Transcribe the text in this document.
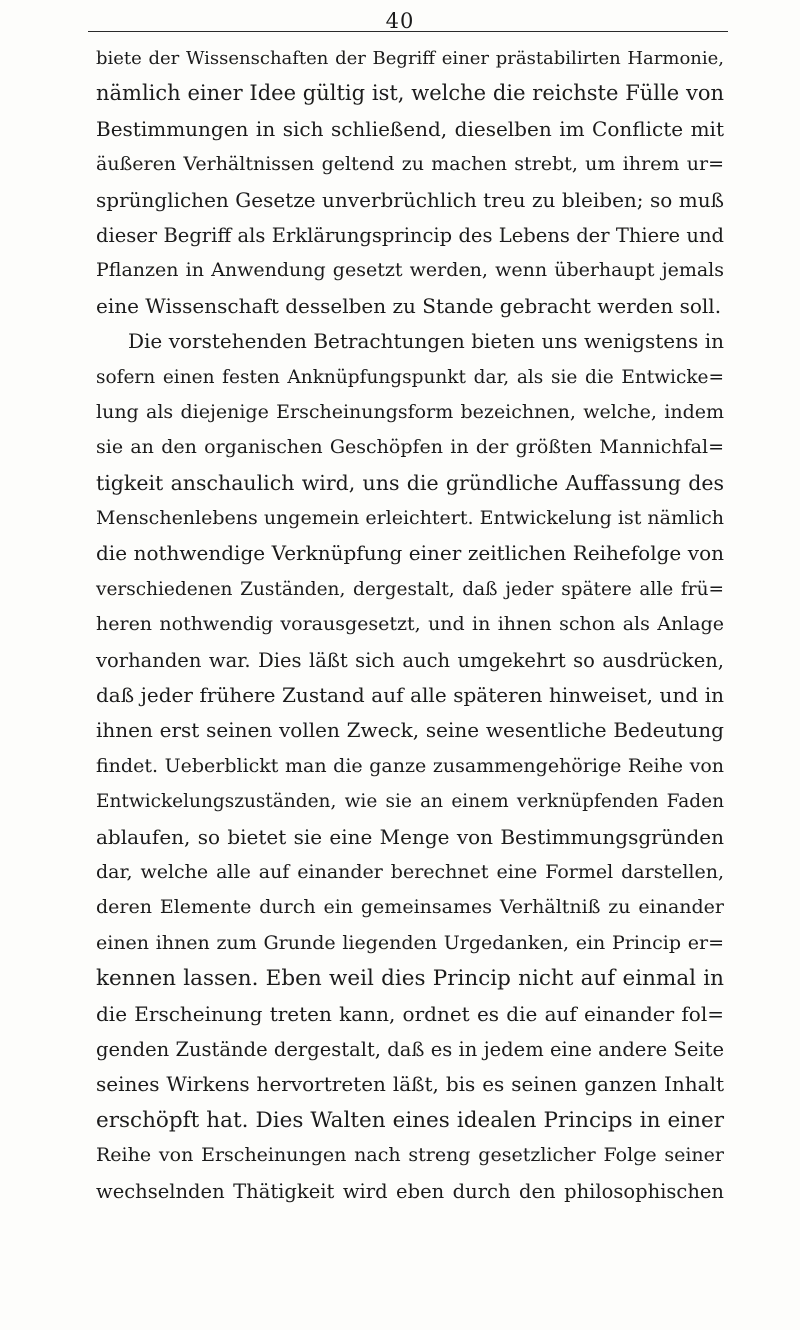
40
biete der Wissenschaften der Begriff einer prästabilirten Harmonie,
nämlich einer Idee gültig ist, welche die reichste Fülle von
Bestimmungen in sich schließend, dieselben im Conflicte mit
äußeren Verhältnissen geltend zu machen strebt, um ihrem ur=
sprünglichen Gesetze unverbrüchlich treu zu bleiben; so muß
dieser Begriff als Erklärungsprincip des Lebens der Thiere und
Pflanzen in Anwendung gesetzt werden, wenn überhaupt jemals
eine Wissenschaft desselben zu Stande gebracht werden soll.
Die vorstehenden Betrachtungen bieten uns wenigstens in
sofern einen festen Anknüpfungspunkt dar, als sie die Entwicke=
lung als diejenige Erscheinungsform bezeichnen, welche, indem
sie an den organischen Geschöpfen in der größten Mannichfal=
tigkeit anschaulich wird, uns die gründliche Auffassung des
Menschenlebens ungemein erleichtert. Entwickelung ist nämlich
die nothwendige Verknüpfung einer zeitlichen Reihefolge von
verschiedenen Zuständen, dergestalt, daß jeder spätere alle frü=
heren nothwendig vorausgesetzt, und in ihnen schon als Anlage
vorhanden war. Dies läßt sich auch umgekehrt so ausdrücken,
daß jeder frühere Zustand auf alle späteren hinweiset, und in
ihnen erst seinen vollen Zweck, seine wesentliche Bedeutung
findet. Ueberblickt man die ganze zusammengehörige Reihe von
Entwickelungszuständen, wie sie an einem verknüpfenden Faden
ablaufen, so bietet sie eine Menge von Bestimmungsgründen
dar, welche alle auf einander berechnet eine Formel darstellen,
deren Elemente durch ein gemeinsames Verhältniß zu einander
einen ihnen zum Grunde liegenden Urgedanken, ein Princip er=
kennen lassen. Eben weil dies Princip nicht auf einmal in
die Erscheinung treten kann, ordnet es die auf einander fol=
genden Zustände dergestalt, daß es in jedem eine andere Seite
seines Wirkens hervortreten läßt, bis es seinen ganzen Inhalt
erschöpft hat. Dies Walten eines idealen Princips in einer
Reihe von Erscheinungen nach streng gesetzlicher Folge seiner
wechselnden Thätigkeit wird eben durch den philosophischen
